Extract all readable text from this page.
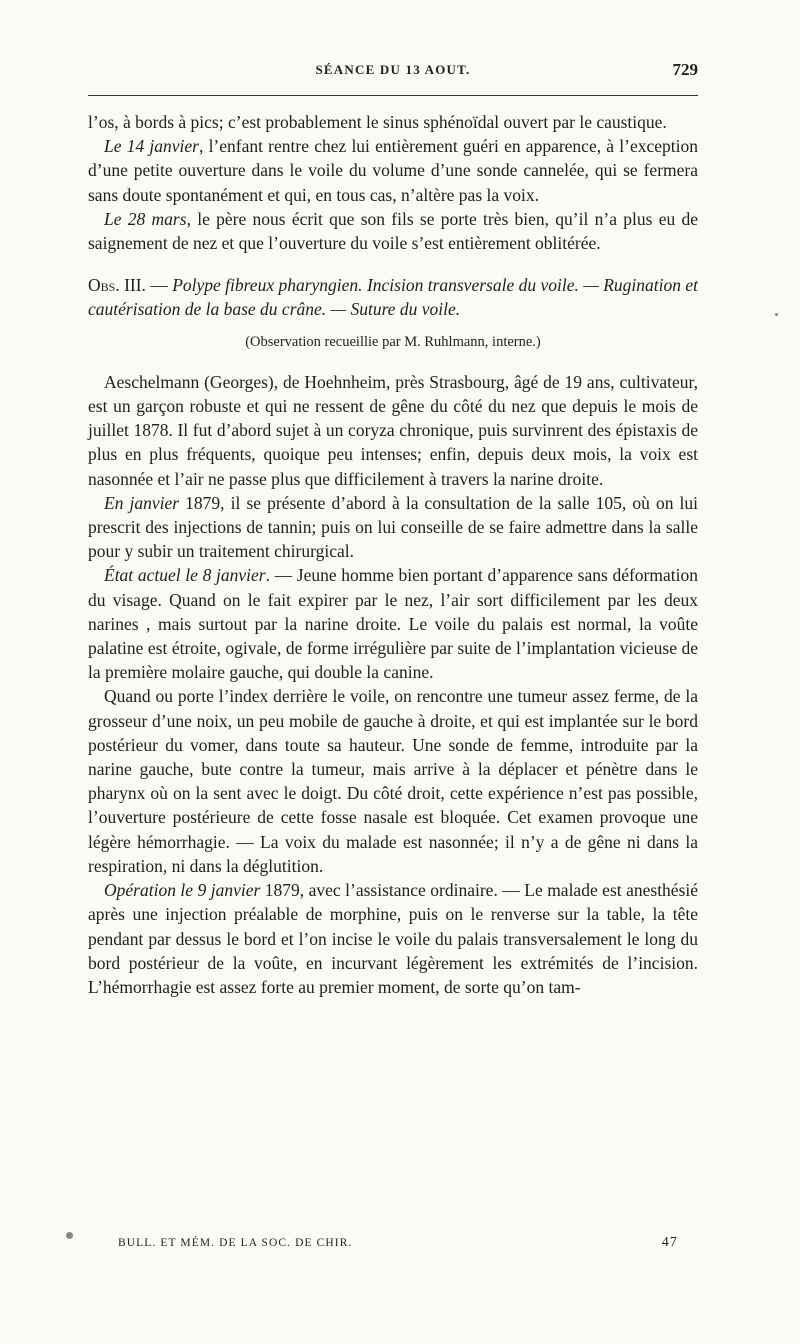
SÉANCE DU 13 AOUT.	729

l’os, à bords à pics; c’est probablement le sinus sphénoïdal ouvert par le caustique.

Le 14 janvier, l’enfant rentre chez lui entièrement guéri en apparence, à l’exception d’une petite ouverture dans le voile du volume d’une sonde cannelée, qui se fermera sans doute spontanément et qui, en tous cas, n’altère pas la voix.

Le 28 mars, le père nous écrit que son fils se porte très bien, qu’il n’a plus eu de saignement de nez et que l’ouverture du voile s’est entièrement oblitérée.

Obs. III. — Polype fibreux pharyngien. Incision transversale du voile. — Rugination et cautérisation de la base du crâne. — Suture du voile.

(Observation recueillie par M. Ruhlmann, interne.)

Aeschelmann (Georges), de Hoehnheim, près Strasbourg, âgé de 19 ans, cultivateur, est un garçon robuste et qui ne ressent de gêne du côté du nez que depuis le mois de juillet 1878. Il fut d’abord sujet à un coryza chronique, puis survinrent des épistaxis de plus en plus fréquents, quoique peu intenses; enfin, depuis deux mois, la voix est nasonnée et l’air ne passe plus que difficilement à travers la narine droite.

En janvier 1879, il se présente d’abord à la consultation de la salle 105, où on lui prescrit des injections de tannin; puis on lui conseille de se faire admettre dans la salle pour y subir un traitement chirurgical.

État actuel le 8 janvier. — Jeune homme bien portant d’apparence sans déformation du visage. Quand on le fait expirer par le nez, l’air sort difficilement par les deux narines , mais surtout par la narine droite. Le voile du palais est normal, la voûte palatine est étroite, ogivale, de forme irrégulière par suite de l’implantation vicieuse de la première molaire gauche, qui double la canine.

Quand ou porte l’index derrière le voile, on rencontre une tumeur assez ferme, de la grosseur d’une noix, un peu mobile de gauche à droite, et qui est implantée sur le bord postérieur du vomer, dans toute sa hauteur. Une sonde de femme, introduite par la narine gauche, bute contre la tumeur, mais arrive à la déplacer et pénètre dans le pharynx où on la sent avec le doigt. Du côté droit, cette expérience n’est pas possible, l’ouverture postérieure de cette fosse nasale est bloquée. Cet examen provoque une légère hémorrhagie. — La voix du malade est nasonnée; il n’y a de gêne ni dans la respiration, ni dans la déglutition.

Opération le 9 janvier 1879, avec l’assistance ordinaire. — Le malade est anesthésié après une injection préalable de morphine, puis on le renverse sur la table, la tête pendant par dessus le bord et l’on incise le voile du palais transversalement le long du bord postérieur de la voûte, en incurvant légèrement les extrémités de l’incision. L’hémorrhagie est assez forte au premier moment, de sorte qu’on tam-

BULL. ET MÉM. DE LA SOC. DE CHIR.	47
